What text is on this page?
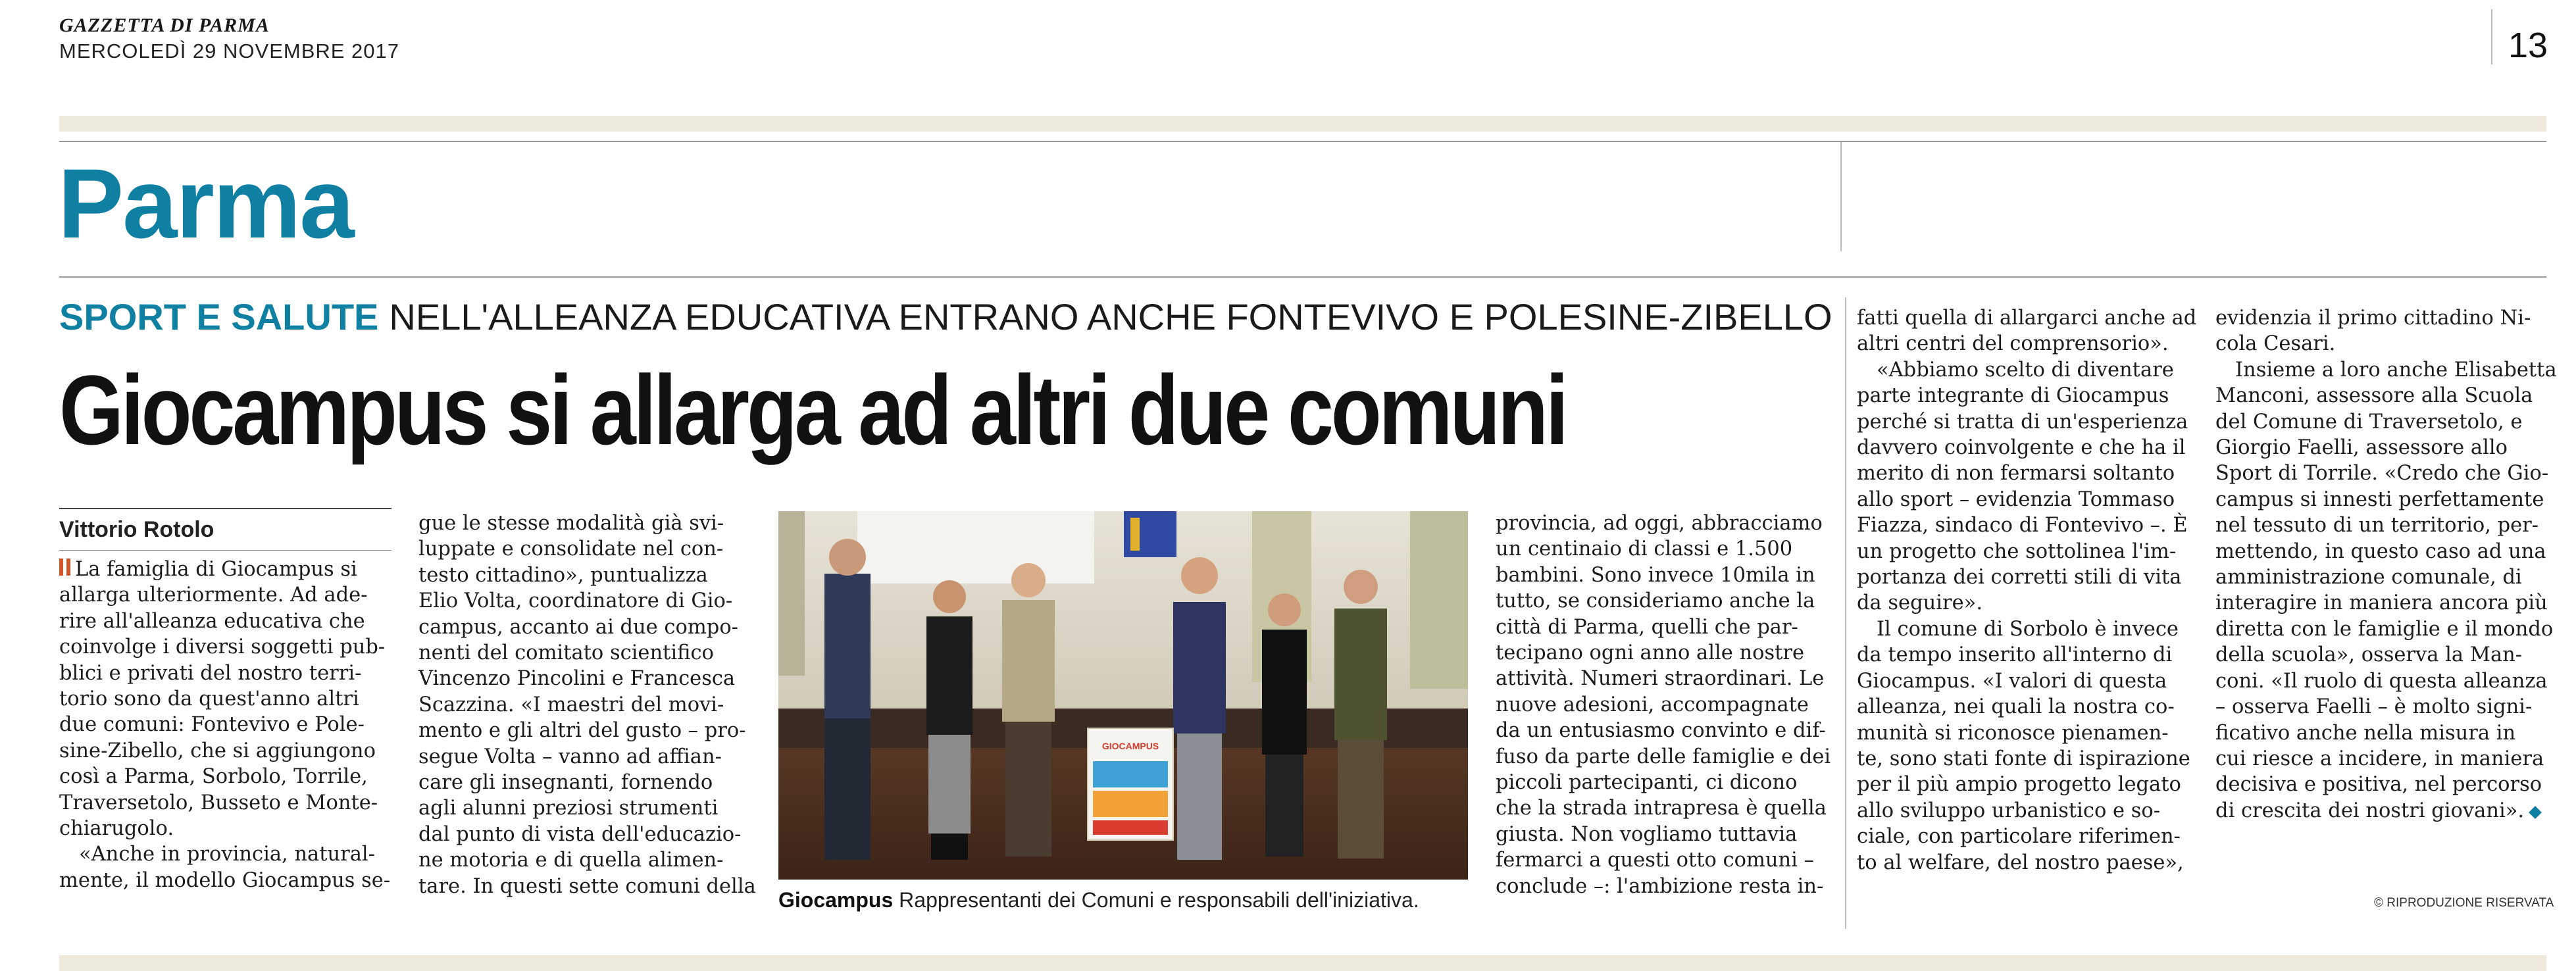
GAZZETTA DI PARMA
MERCOLEDÌ 29 NOVEMBRE 2017	13
Parma
SPORT E SALUTE NELL'ALLEANZA EDUCATIVA ENTRANO ANCHE FONTEVIVO E POLESINE-ZIBELLO
Giocampus si allarga ad altri due comuni
Vittorio Rotolo
La famiglia di Giocampus si
allarga ulteriormente. Ad ade-
rire all'alleanza educativa che
coinvolge i diversi soggetti pub-
blici e privati del nostro terri-
torio sono da quest'anno altri
due comuni: Fontevivo e Pole-
sine-Zibello, che si aggiungono
così a Parma, Sorbolo, Torrile,
Traversetolo, Busseto e Monte-
chiarugolo.
«Anche in provincia, natural-
mente, il modello Giocampus se-
gue le stesse modalità già svi-
luppate e consolidate nel con-
testo cittadino», puntualizza
Elio Volta, coordinatore di Gio-
campus, accanto ai due compo-
nenti del comitato scientifico
Vincenzo Pincolini e Francesca
Scazzina. «I maestri del movi-
mento e gli altri del gusto – pro-
segue Volta – vanno ad affian-
care gli insegnanti, fornendo
agli alunni preziosi strumenti
dal punto di vista dell'educazio-
ne motoria e di quella alimen-
tare. In questi sette comuni della
GIOCAMPUS
Giocampus Rappresentanti dei Comuni e responsabili dell'iniziativa.
provincia, ad oggi, abbracciamo
un centinaio di classi e 1.500
bambini. Sono invece 10mila in
tutto, se consideriamo anche la
città di Parma, quelli che par-
tecipano ogni anno alle nostre
attività. Numeri straordinari. Le
nuove adesioni, accompagnate
da un entusiasmo convinto e dif-
fuso da parte delle famiglie e dei
piccoli partecipanti, ci dicono
che la strada intrapresa è quella
giusta. Non vogliamo tuttavia
fermarci a questi otto comuni –
conclude –: l'ambizione resta in-
fatti quella di allargarci anche ad
altri centri del comprensorio».
«Abbiamo scelto di diventare
parte integrante di Giocampus
perché si tratta di un'esperienza
davvero coinvolgente e che ha il
merito di non fermarsi soltanto
allo sport – evidenzia Tommaso
Fiazza, sindaco di Fontevivo –. È
un progetto che sottolinea l'im-
portanza dei corretti stili di vita
da seguire».
Il comune di Sorbolo è invece
da tempo inserito all'interno di
Giocampus. «I valori di questa
alleanza, nei quali la nostra co-
munità si riconosce pienamen-
te, sono stati fonte di ispirazione
per il più ampio progetto legato
allo sviluppo urbanistico e so-
ciale, con particolare riferimen-
to al welfare, del nostro paese»,
evidenzia il primo cittadino Ni-
cola Cesari.
Insieme a loro anche Elisabetta
Manconi, assessore alla Scuola
del Comune di Traversetolo, e
Giorgio Faelli, assessore allo
Sport di Torrile. «Credo che Gio-
campus si innesti perfettamente
nel tessuto di un territorio, per-
mettendo, in questo caso ad una
amministrazione comunale, di
interagire in maniera ancora più
diretta con le famiglie e il mondo
della scuola», osserva la Man-
coni. «Il ruolo di questa alleanza
– osserva Faelli – è molto signi-
ficativo anche nella misura in
cui riesce a incidere, in maniera
decisiva e positiva, nel percorso
di crescita dei nostri giovani».
© RIPRODUZIONE RISERVATA
